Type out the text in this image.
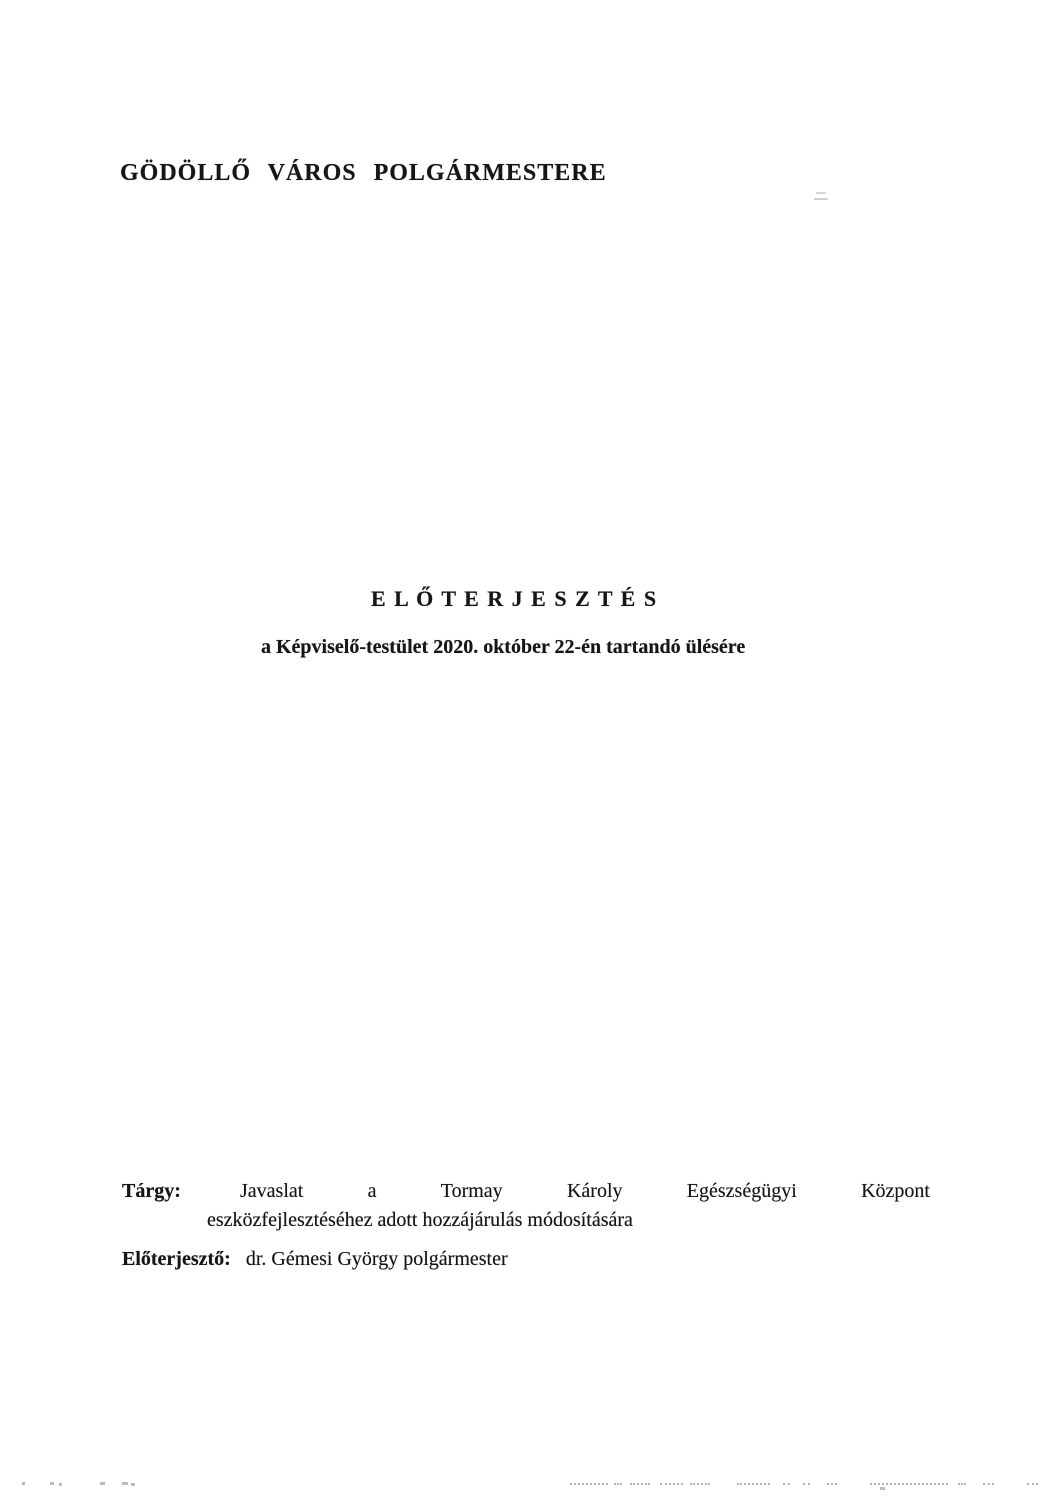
GÖDÖLLŐ VÁROS POLGÁRMESTERE
E L Ő T E R J E S Z T É S
a Képviselő-testület 2020. október 22-én tartandó ülésére
Tárgy:	Javaslat	a	Tormay	Károly	Egészségügyi	Központ
eszközfejlesztéséhez adott hozzájárulás módosítására
Előterjesztő: dr. Gémesi György polgármester
